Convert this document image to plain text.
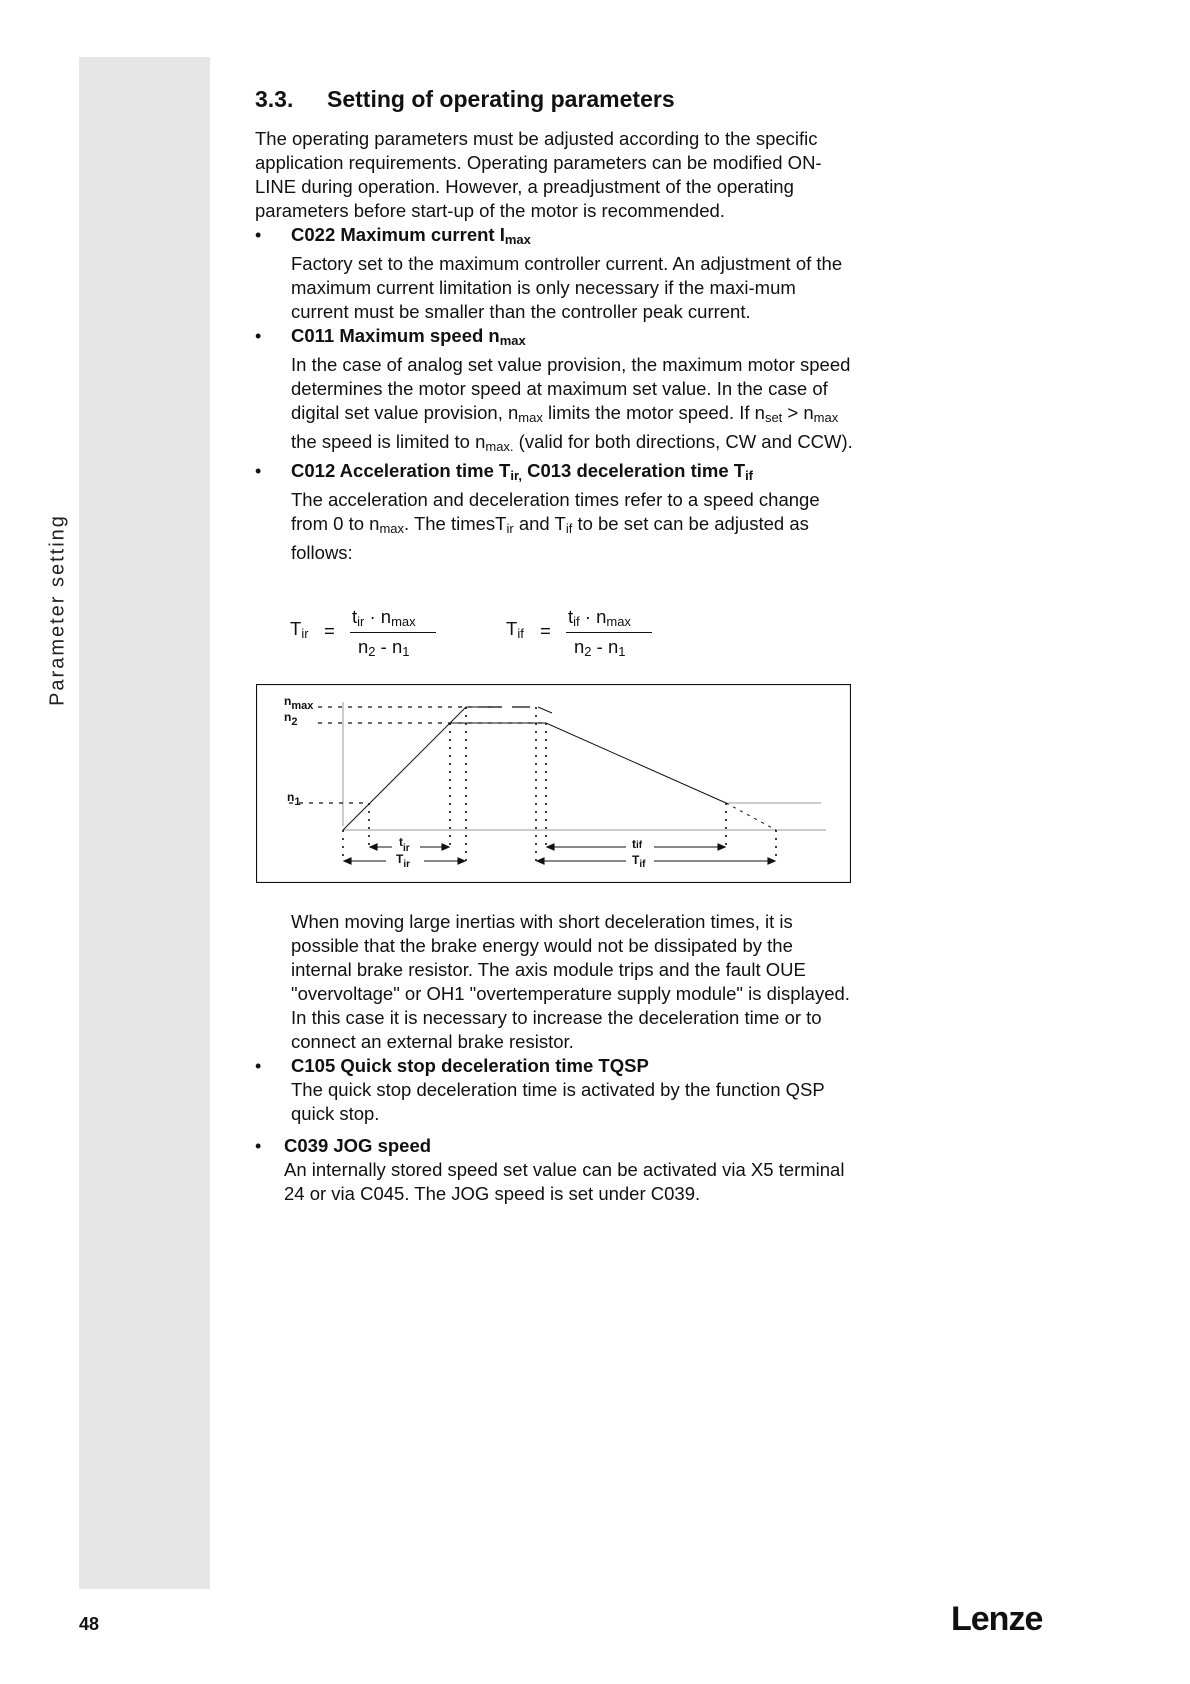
Parameter setting
3.3.	Setting of operating parameters

The operating parameters must be adjusted according to the specific application requirements. Operating parameters can be modified ON-LINE during operation. However, a preadjustment of the operating parameters before start-up of the motor is recommended.

• C022 Maximum current $I_{max}$

Factory set to the maximum controller current. An adjustment of the maximum current limitation is only necessary if the maxi-mum current must be smaller than the controller peak current.

• C011 Maximum speed $n_{max}$

In the case of analog set value provision, the maximum motor speed determines the motor speed at maximum set value. In the case of digital set value provision, $n_{max}$ limits the motor speed. If $n_{set} > n_{max}$ the speed is limited to $n_{max.}$ (valid for both directions, CW and CCW).

• C012 Acceleration time $T_{ir,}$ C013 deceleration time $T_{if}$

The acceleration and deceleration times refer to a speed change from 0 to $n_{max}$. The timesT$_{ir}$ and $T_{if}$ to be set can be adjusted as follows:

$T_{ir}$ =
$t_{ir} \cdot n_{max}$
$n_2 - n_1$
$T_{if}$ =
$t_{if} \cdot n_{max}$
$n_2 - n_1$
nmax
n2
n1
$t_{ir}$
$T_{ir}$
tif
$T_{if}$

When moving large inertias with short deceleration times, it is possible that the brake energy would not be dissipated by the internal brake resistor. The axis module trips and the fault OUE "overvoltage" or OH1 "overtemperature supply module" is displayed. In this case it is necessary to increase the deceleration time or to connect an external brake resistor.

• C105 Quick stop deceleration time TQSP

The quick stop deceleration time is activated by the function QSP quick stop.

• C039 JOG speed

An internally stored speed set value can be activated via X5 terminal 24 or via C045. The JOG speed is set under C039.

48	Lenze
